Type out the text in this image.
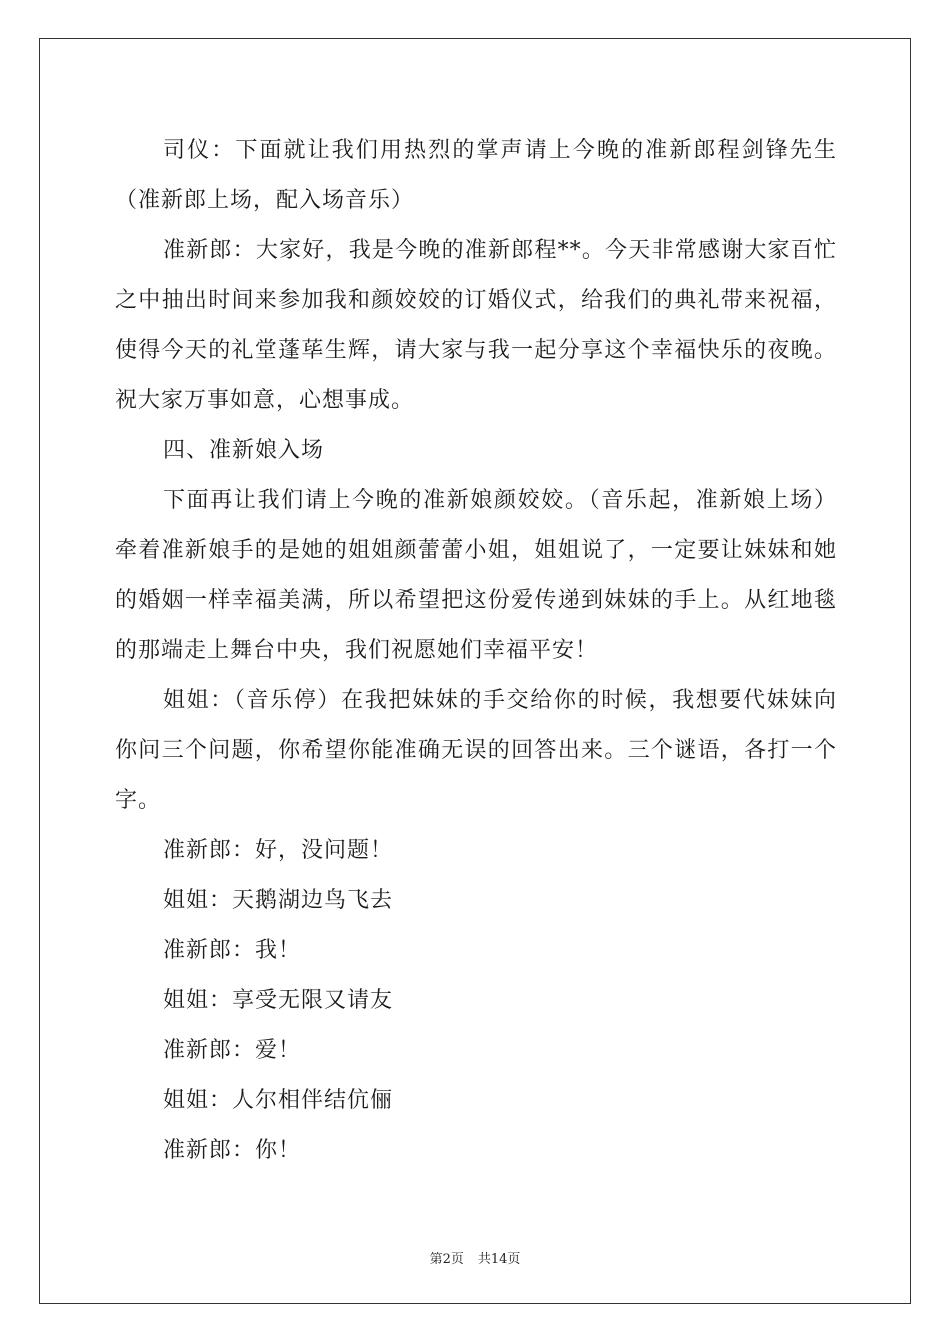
司仪：下面就让我们用热烈的掌声请上今晚的准新郎程剑锋先生（准新郎上场，配入场音乐）

准新郎：大家好，我是今晚的准新郎程**。今天非常感谢大家百忙之中抽出时间来参加我和颜姣姣的订婚仪式，给我们的典礼带来祝福，使得今天的礼堂蓬荜生辉，请大家与我一起分享这个幸福快乐的夜晚。祝大家万事如意，心想事成。

四、准新娘入场

下面再让我们请上今晚的准新娘颜姣姣。（音乐起，准新娘上场）牵着准新娘手的是她的姐姐颜蕾蕾小姐，姐姐说了，一定要让妹妹和她的婚姻一样幸福美满，所以希望把这份爱传递到妹妹的手上。从红地毯的那端走上舞台中央，我们祝愿她们幸福平安！

姐姐：（音乐停）在我把妹妹的手交给你的时候，我想要代妹妹向你问三个问题，你希望你能准确无误的回答出来。三个谜语，各打一个字。

准新郎：好，没问题！

姐姐：天鹅湖边鸟飞去

准新郎：我！

姐姐：享受无限又请友

准新郎：爱！

姐姐：人尔相伴结伉俪

准新郎：你！

第2页 共14页
